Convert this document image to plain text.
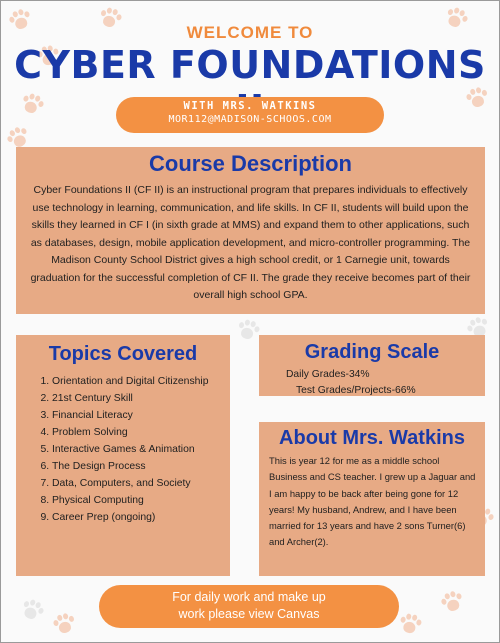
WELCOME TO
CYBER FOUNDATIONS
WITH MRS. WATKINS
MOR112@MADISON-SCHOOS.COM
Course Description

Cyber Foundations II (CF II) is an instructional program that prepares individuals to effectively use technology in learning, communication, and life skills. In CF II, students will build upon the skills they learned in CF I (in sixth grade at MMS) and expand them to other applications, such as databases, design, mobile application development, and micro-controller programming. The Madison County School District gives a high school credit, or 1 Carnegie unit, towards graduation for the successful completion of CF II. The grade they receive becomes part of their overall high school GPA.

Topics Covered
1. Orientation and Digital Citizenship
2. 21st Century Skill
3. Financial Literacy
4. Problem Solving
5. Interactive Games & Animation
6. The Design Process
7. Data, Computers, and Society
8. Physical Computing
9. Career Prep (ongoing)
Grading Scale
Daily Grades-34%
Test Grades/Projects-66%
About Mrs. Watkins

This is year 12 for me as a middle school Business and CS teacher. I grew up a Jaguar and I am happy to be back after being gone for 12 years! My husband, Andrew, and I have been married for 13 years and have 2 sons Turner(6) and Archer(2).

For daily work and make up
work please view Canvas
